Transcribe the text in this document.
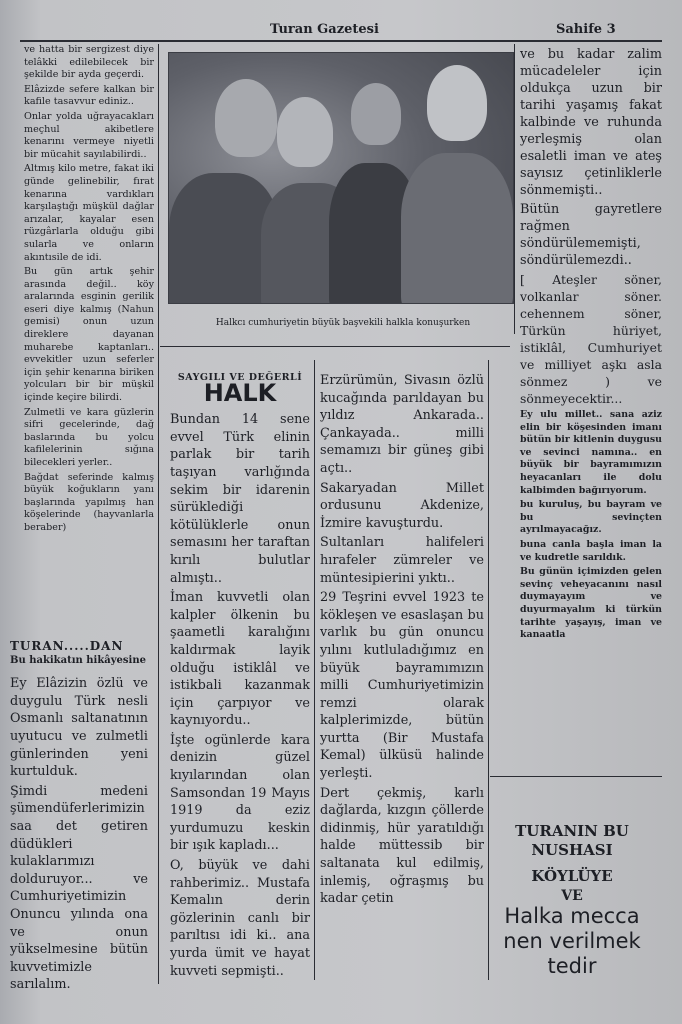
Turan Gazetesi	Sahife 3

ve hatta bir sergizest diye telâkki edilebilecek bir şekilde bir ayda geçerdi.

Elâzizde sefere kalkan bir kafile tasavvur ediniz..

Onlar yolda uğrayacakları meçhul akibetlere kenarını vermeye niyetli bir mücahit sayılabilirdi..

Altmış kilo metre, fakat iki günde gelinebilir, fırat kenarına vardıkları karşılaştığı müşkül dağlar arızalar, kayalar esen rüzgârlarla olduğu gibi sularla ve onların akıntısile de idi.

Bu gün artık şehir arasında değil.. köy aralarında esginin gerilik eseri diye kalmış (Nahun gemisi) onun uzun direklere dayanan muharebe kaptanları.. evvekitler uzun seferler için şehir kenarına biriken yolcuları bir bir müşkil içinde keçire bilirdi.

Zulmetli ve kara güzlerin sifri gecelerinde, dağ baslarında bu yolcu kafilelerinin sığına bilecekleri yerler..

Bağdat seferinde kalmış büyük koğukların yanı başlarında yapılmış han köşelerinde (hayvanlarla beraber)

TURAN.....DAN
Bu hakikatın hikâyesine

Ey Elâzizin özlü ve duygulu Türk nesli Osmanlı saltanatının uyutucu ve zulmetli günlerinden yeni kurtulduk.

Şimdi medeni şümendüferlerimizin saa det getiren düdükleri kulaklarımızı dolduruyor... ve Cumhuriyetimizin Onuncu yılında ona ve onun yükselmesine bütün kuvvetimizle sarılalım.

Halkcı cumhuriyetin büyük başvekili halkla konuşurken
SAYGILI VE DEĞERLİ
HALK

Bundan 14 sene evvel Türk elinin parlak bir tarih taşıyan varlığında sekim bir idarenin sürüklediği kötülüklerle onun semasını her taraftan kırılı bulutlar almıştı..

İman kuvvetli olan kalpler ölkenin bu şaametli karalığını kaldırmak layik olduğu istiklâl ve istikbali kazanmak için çarpıyor ve kaynıyordu..

İşte ogünlerde kara denizin güzel kıyılarından olan Samsondan 19 Mayıs 1919 da eziz yurdumuzu keskin bir ışık kapladı...

O, büyük ve dahi rahberimiz.. Mustafa Kemalın derin gözlerinin canlı bir parıltısı idi ki.. ana yurda ümit ve hayat kuvveti sepmişti..

Erzürümün, Sivasın özlü kucağında parıldayan bu yıldız Ankarada.. Çankayada.. milli semamızı bir güneş gibi açtı..

Sakaryadan Millet ordusunu Akdenize, İzmire kavuşturdu.

Sultanları halifeleri hırafeler zümreler ve müntesipierini yıktı..

29 Teşrini evvel 1923 te kökleşen ve esaslaşan bu varlık bu gün onuncu yılını kutluladığımız en büyük bayramımızın milli Cumhuriyetimizin remzi olarak kalplerimizde, bütün yurtta (Bir Mustafa Kemal) ülküsü halinde yerleşti.

Dert çekmiş, karlı dağlarda, kızgın çöllerde didinmiş, hür yaratıldığı halde müttessib bir saltanata kul edilmiş, inlemiş, oğraşmış bu kadar çetin

ve bu kadar zalim mücadeleler için oldukça uzun bir tarihi yaşamış fakat kalbinde ve ruhunda yerleşmiş olan esaletli iman ve ateş sayısız çetinliklerle sönmemişti..

Bütün gayretlere rağmen söndürülememişti, söndürülemezdi..

[ Ateşler söner, volkanlar söner. cehennem söner, Türkün hüriyet, istiklâl, Cumhuriyet ve milliyet aşkı asla sönmez ) ve sönmeyecektir...

Ey ulu millet.. sana aziz elin bir köşesinden imanı bütün bir kitlenin duygusu ve sevinci namına.. en büyük bir bayramımızın heyacanları ile dolu kalbimden bağırıyorum.

bu kuruluş, bu bayram ve bu sevinçten ayrılmayacağız.

buna canla başla iman la ve kudretle sarıldık.

Bu günün içimizden gelen sevinç veheyacanını nasıl duymayayım ve duyurmayalım ki türkün tarihte yaşayış, iman ve kanaatla

TURANIN BU
NUSHASI
KÖYLÜYE
VE
Halka mecca
nen verilmek
tedir
